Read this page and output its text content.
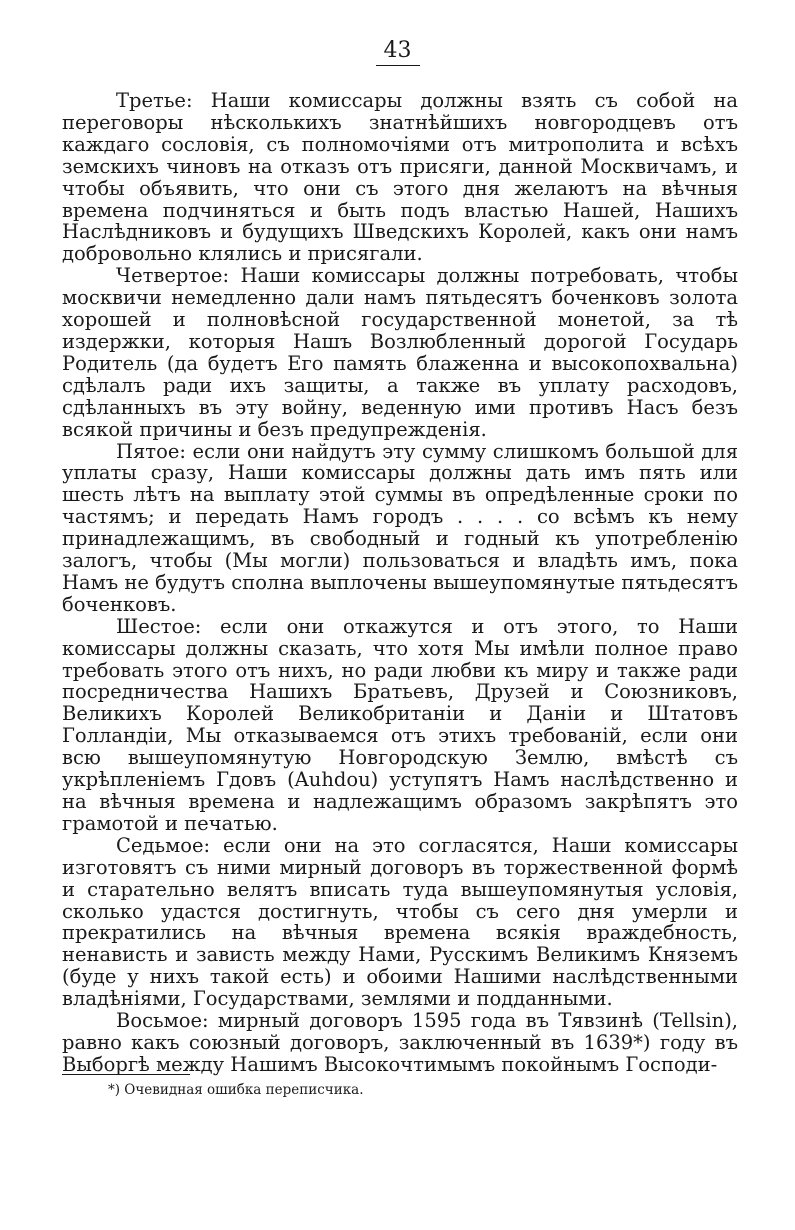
43

Третье: Наши комиссары должны взять съ собой на переговоры нѣсколькихъ знатнѣйшихъ новгородцевъ отъ каждаго сословія, съ полномочіями отъ митрополита и всѣхъ земскихъ чиновъ на отказъ отъ присяги, данной Москвичамъ, и чтобы объявить, что они съ этого дня желаютъ на вѣчныя времена подчиняться и быть подъ властью Нашей, Нашихъ Наслѣдниковъ и будущихъ Шведскихъ Королей, какъ они намъ добровольно клялись и присягали.

Четвертое: Наши комиссары должны потребовать, чтобы москвичи немедленно дали намъ пятьдесятъ боченковъ золота хорошей и полновѣсной государственной монетой, за тѣ издержки, которыя Нашъ Возлюбленный дорогой Государь Родитель (да будетъ Его память блаженна и высокопохвальна) сдѣлалъ ради ихъ защиты, а также въ уплату расходовъ, сдѣланныхъ въ эту войну, веденную ими противъ Насъ безъ всякой причины и безъ предупрежденія.

Пятое: если они найдутъ эту сумму слишкомъ большой для уплаты сразу, Наши комиссары должны дать имъ пять или шесть лѣтъ на выплату этой суммы въ опредѣленные сроки по частямъ; и передать Намъ городъ . . . . со всѣмъ къ нему принадлежащимъ, въ свободный и годный къ употребленію залогъ, чтобы (Мы могли) пользоваться и владѣть имъ, пока Намъ не будутъ сполна выплочены вышеупомянутые пятьдесятъ боченковъ.

Шестое: если они откажутся и отъ этого, то Наши комиссары должны сказать, что хотя Мы имѣли полное право требовать этого отъ нихъ, но ради любви къ миру и также ради посредничества Нашихъ Братьевъ, Друзей и Союзниковъ, Великихъ Королей Великобританіи и Даніи и Штатовъ Голландіи, Мы отказываемся отъ этихъ требованій, если они всю вышеупомянутую Новгородскую Землю, вмѣстѣ съ укрѣпленіемъ Гдовъ (Auhdou) уступятъ Намъ наслѣдственно и на вѣчныя времена и надлежащимъ образомъ закрѣпятъ это грамотой и печатью.

Седьмое: если они на это согласятся, Наши комиссары изготовятъ съ ними мирный договоръ въ торжественной формѣ и старательно велятъ вписать туда вышеупомянутыя условія, сколько удастся достигнуть, чтобы съ сего дня умерли и прекратились на вѣчныя времена всякія враждебность, ненависть и зависть между Нами, Русскимъ Великимъ Княземъ (буде у нихъ такой есть) и обоими Нашими наслѣдственными владѣніями, Государствами, землями и подданными.

Восьмое: мирный договоръ 1595 года въ Тявзинѣ (Tellsin), равно какъ союзный договоръ, заключенный въ 1639*) году въ Выборгѣ между Нашимъ Высокочтимымъ покойнымъ Господи-

*) Очевидная ошибка переписчика.
